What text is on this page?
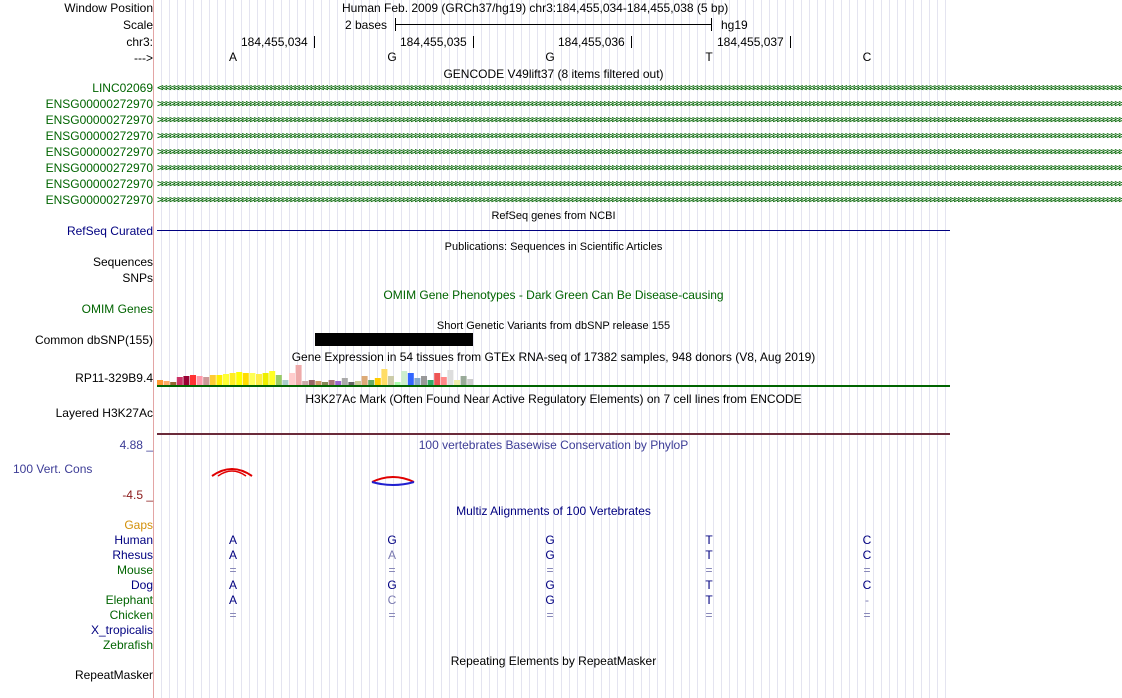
Window Position	Human Feb. 2009 (GRCh37/hg19) chr3:184,455,034-184,455,038 (5 bp)
Scale	2 bases	hg19
chr3:	184,455,034	184,455,035	184,455,036	184,455,037
--->	A	G	G	T	C
GENCODE V49lift37 (8 items filtered out)
LINC02069 <<<<<<<<<<<<<<<<<<<<<<<<<<<<<<<<<<<<<<<<<<<<<<<<<<<<<<<<<<<<<<<<<<<<<<<<<<<<<<<<<<<<<<<<<<<<<<<<<<<<<<<<<<<<<<<<<<<<<<<<<<<<<<<<<<<<<<<<<<<<<<<<<<<<<<<<<<<<<<<<<<<<<<<<<<<<<<<<<<<<<<<<<<<<<<<<<<<<<<<<<<<<<<<<<<<<<<<<<<<<<<<<<<<<<<<<<<<<<<<<
ENSG00000272970 >>>>>>>>>>>>>>>>>>>>>>>>>>>>>>>>>>>>>>>>>>>>>>>>>>>>>>>>>>>>>>>>>>>>>>>>>>>>>>>>>>>>>>>>>>>>>>>>>>>>>>>>>>>>>>>>>>>>>>>>>>>>>>>>>>>>>>>>>>>>>>>>>>>>>>>>>>>>>>>>>>>>>>>>>>>>>>>>>>>>>>>>>>>>>>>>>>>>>>>>>>>>>>>>>>>>>>>>>>>>>>>>>>>>>>>>>>>>>>>>
ENSG00000272970 >>>>>>>>>>>>>>>>>>>>>>>>>>>>>>>>>>>>>>>>>>>>>>>>>>>>>>>>>>>>>>>>>>>>>>>>>>>>>>>>>>>>>>>>>>>>>>>>>>>>>>>>>>>>>>>>>>>>>>>>>>>>>>>>>>>>>>>>>>>>>>>>>>>>>>>>>>>>>>>>>>>>>>>>>>>>>>>>>>>>>>>>>>>>>>>>>>>>>>>>>>>>>>>>>>>>>>>>>>>>>>>>>>>>>>>>>>>>>>>>
ENSG00000272970 >>>>>>>>>>>>>>>>>>>>>>>>>>>>>>>>>>>>>>>>>>>>>>>>>>>>>>>>>>>>>>>>>>>>>>>>>>>>>>>>>>>>>>>>>>>>>>>>>>>>>>>>>>>>>>>>>>>>>>>>>>>>>>>>>>>>>>>>>>>>>>>>>>>>>>>>>>>>>>>>>>>>>>>>>>>>>>>>>>>>>>>>>>>>>>>>>>>>>>>>>>>>>>>>>>>>>>>>>>>>>>>>>>>>>>>>>>>>>>>>
ENSG00000272970 >>>>>>>>>>>>>>>>>>>>>>>>>>>>>>>>>>>>>>>>>>>>>>>>>>>>>>>>>>>>>>>>>>>>>>>>>>>>>>>>>>>>>>>>>>>>>>>>>>>>>>>>>>>>>>>>>>>>>>>>>>>>>>>>>>>>>>>>>>>>>>>>>>>>>>>>>>>>>>>>>>>>>>>>>>>>>>>>>>>>>>>>>>>>>>>>>>>>>>>>>>>>>>>>>>>>>>>>>>>>>>>>>>>>>>>>>>>>>>>>
ENSG00000272970 >>>>>>>>>>>>>>>>>>>>>>>>>>>>>>>>>>>>>>>>>>>>>>>>>>>>>>>>>>>>>>>>>>>>>>>>>>>>>>>>>>>>>>>>>>>>>>>>>>>>>>>>>>>>>>>>>>>>>>>>>>>>>>>>>>>>>>>>>>>>>>>>>>>>>>>>>>>>>>>>>>>>>>>>>>>>>>>>>>>>>>>>>>>>>>>>>>>>>>>>>>>>>>>>>>>>>>>>>>>>>>>>>>>>>>>>>>>>>>>>
ENSG00000272970 >>>>>>>>>>>>>>>>>>>>>>>>>>>>>>>>>>>>>>>>>>>>>>>>>>>>>>>>>>>>>>>>>>>>>>>>>>>>>>>>>>>>>>>>>>>>>>>>>>>>>>>>>>>>>>>>>>>>>>>>>>>>>>>>>>>>>>>>>>>>>>>>>>>>>>>>>>>>>>>>>>>>>>>>>>>>>>>>>>>>>>>>>>>>>>>>>>>>>>>>>>>>>>>>>>>>>>>>>>>>>>>>>>>>>>>>>>>>>>>>
ENSG00000272970 >>>>>>>>>>>>>>>>>>>>>>>>>>>>>>>>>>>>>>>>>>>>>>>>>>>>>>>>>>>>>>>>>>>>>>>>>>>>>>>>>>>>>>>>>>>>>>>>>>>>>>>>>>>>>>>>>>>>>>>>>>>>>>>>>>>>>>>>>>>>>>>>>>>>>>>>>>>>>>>>>>>>>>>>>>>>>>>>>>>>>>>>>>>>>>>>>>>>>>>>>>>>>>>>>>>>>>>>>>>>>>>>>>>>>>>>>>>>>>>>
RefSeq genes from NCBI
RefSeq Curated
Publications: Sequences in Scientific Articles
Sequences
SNPs
OMIM Gene Phenotypes - Dark Green Can Be Disease-causing
OMIM Genes
Short Genetic Variants from dbSNP release 155
Common dbSNP(155)
Gene Expression in 54 tissues from GTEx RNA-seq of 17382 samples, 948 donors (V8, Aug 2019)
RP11-329B9.4
H3K27Ac Mark (Often Found Near Active Regulatory Elements) on 7 cell lines from ENCODE
Layered H3K27Ac
4.88 _	100 vertebrates Basewise Conservation by PhyloP
100 Vert. Cons
-4.5 _
Multiz Alignments of 100 Vertebrates
Gaps
Human	A	G	G	T	C
Rhesus	A	A	G	T	C
Mouse	=	=	=	=	=
Dog	A	G	G	T	C
Elephant	A	C	G	T	-
Chicken	=	=	=	=	=
X_tropicalis
Zebrafish
Repeating Elements by RepeatMasker
RepeatMasker
